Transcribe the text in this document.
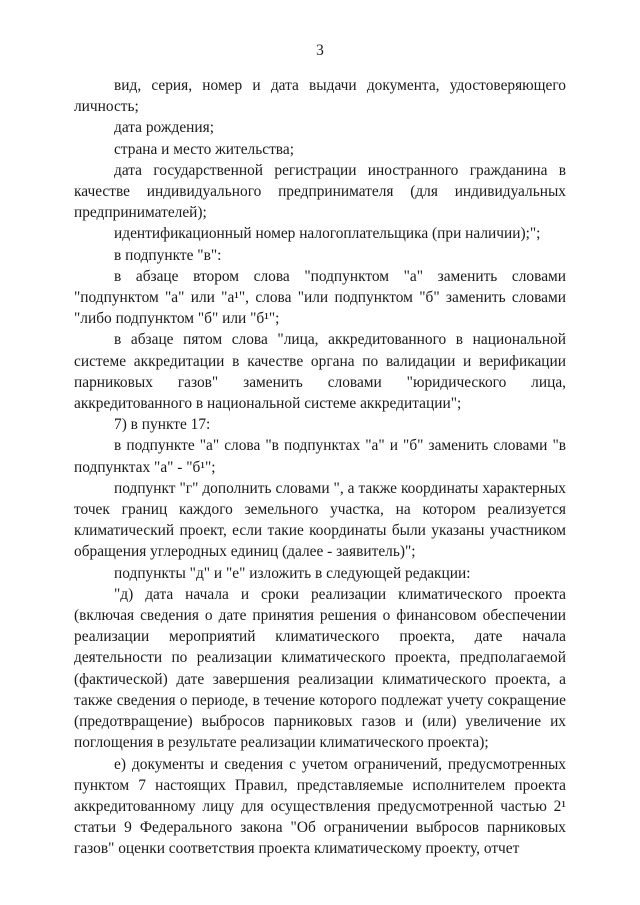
3

вид, серия, номер и дата выдачи документа, удостоверяющего личность;

дата рождения;

страна и место жительства;

дата государственной регистрации иностранного гражданина в качестве индивидуального предпринимателя (для индивидуальных предпринимателей);

идентификационный номер налогоплательщика (при наличии);";

в подпункте "в":

в абзаце втором слова "подпунктом "а" заменить словами "подпунктом "а" или "а¹", слова "или подпунктом "б" заменить словами "либо подпунктом "б" или "б¹";

в абзаце пятом слова "лица, аккредитованного в национальной системе аккредитации в качестве органа по валидации и верификации парниковых газов" заменить словами "юридического лица, аккредитованного в национальной системе аккредитации";

7) в пункте 17:

в подпункте "а" слова "в подпунктах "а" и "б" заменить словами "в подпунктах "а" - "б¹";

подпункт "г" дополнить словами ", а также координаты характерных точек границ каждого земельного участка, на котором реализуется климатический проект, если такие координаты были указаны участником обращения углеродных единиц (далее - заявитель)";

подпункты "д" и "е" изложить в следующей редакции:

"д) дата начала и сроки реализации климатического проекта (включая сведения о дате принятия решения о финансовом обеспечении реализации мероприятий климатического проекта, дате начала деятельности по реализации климатического проекта, предполагаемой (фактической) дате завершения реализации климатического проекта, а также сведения о периоде, в течение которого подлежат учету сокращение (предотвращение) выбросов парниковых газов и (или) увеличение их поглощения в результате реализации климатического проекта);

е) документы и сведения с учетом ограничений, предусмотренных пунктом 7 настоящих Правил, представляемые исполнителем проекта аккредитованному лицу для осуществления предусмотренной частью 2¹ статьи 9 Федерального закона "Об ограничении выбросов парниковых газов" оценки соответствия проекта климатическому проекту, отчет
